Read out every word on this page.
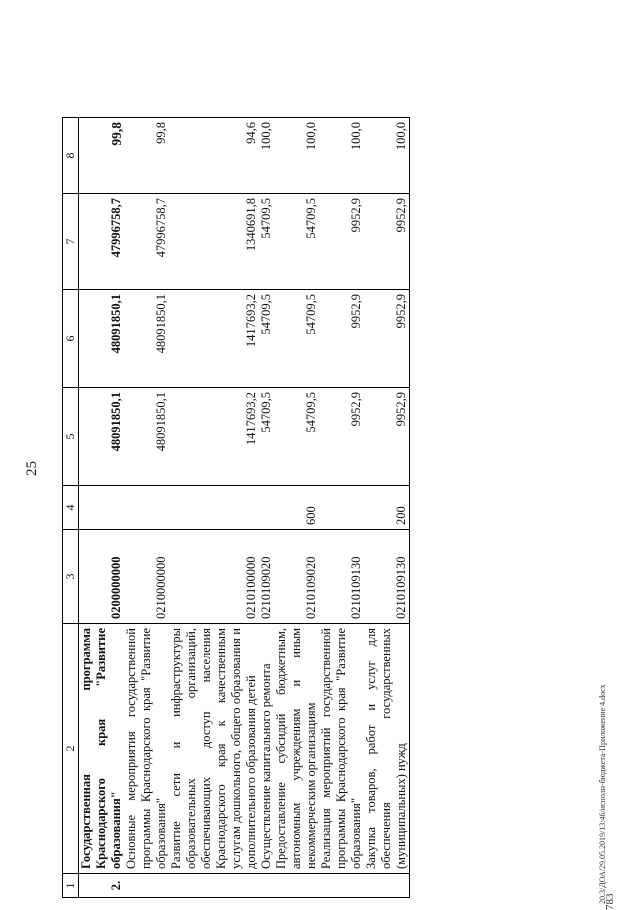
25
1	2	3	4	5	6	7	8
2.	Государственная программа Краснодарского края "Развитие образования"	0200000000		48091850,1	48091850,1	47996758,7	99,8
	Основные мероприятия государственной программы Краснодарского края "Развитие образования"	0210000000		48091850,1	48091850,1	47996758,7	99,8
	Развитие сети и инфраструктуры образовательных организаций, обеспечивающих доступ населения Краснодарского края к качественным услугам дошкольного, общего образования и дополнительного образования детей	0210100000		1417693,2	1417693,2	1340691,8	94,6
	Осуществление капитального ремонта	0210109020		54709,5	54709,5	54709,5	100,0
	Предоставление субсидий бюджетным, автономным учреждениям и иным некоммерческим организациям	0210109020	600	54709,5	54709,5	54709,5	100,0
	Реализация мероприятий государственной программы Краснодарского края "Развитие образования"	0210109130		9952,9	9952,9	9952,9	100,0
	Закупка товаров, работ и услуг для обеспечения государственных (муниципальных) нужд	0210109130	200	9952,9	9952,9	9952,9	100,0
20.3/ДОА/29.05.2019/13:46/исполн-бюджета-Приложение 4.docx
783
